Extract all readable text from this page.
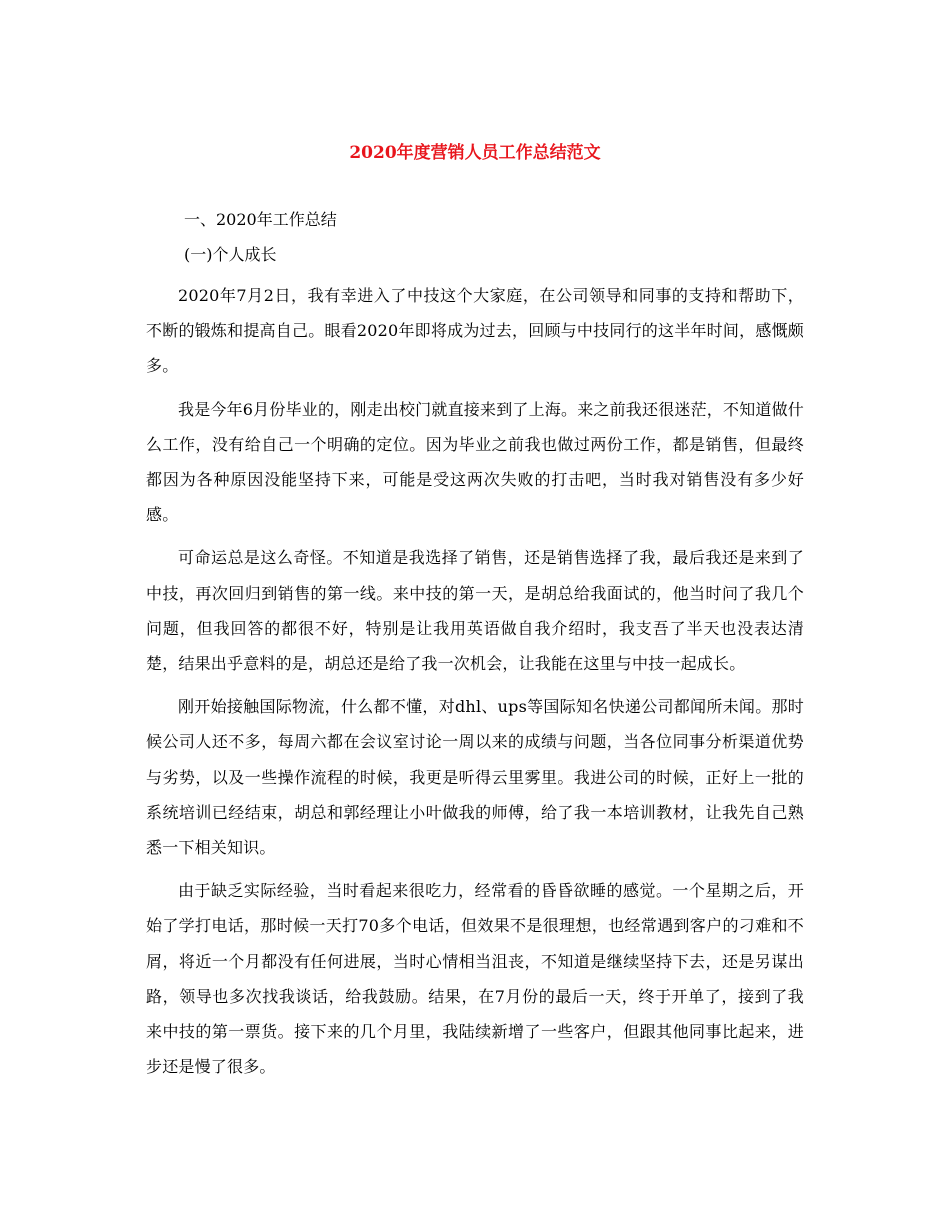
2020年度营销人员工作总结范文

一、2020年工作总结

(一)个人成长

2020年7月2日，我有幸进入了中技这个大家庭，在公司领导和同事的支持和帮助下，不断的锻炼和提高自己。眼看2020年即将成为过去，回顾与中技同行的这半年时间，感慨颇多。

我是今年6月份毕业的，刚走出校门就直接来到了上海。来之前我还很迷茫，不知道做什么工作，没有给自己一个明确的定位。因为毕业之前我也做过两份工作，都是销售，但最终都因为各种原因没能坚持下来，可能是受这两次失败的打击吧，当时我对销售没有多少好感。

可命运总是这么奇怪。不知道是我选择了销售，还是销售选择了我，最后我还是来到了中技，再次回归到销售的第一线。来中技的第一天，是胡总给我面试的，他当时问了我几个问题，但我回答的都很不好，特别是让我用英语做自我介绍时，我支吾了半天也没表达清楚，结果出乎意料的是，胡总还是给了我一次机会，让我能在这里与中技一起成长。

刚开始接触国际物流，什么都不懂，对dhl、ups等国际知名快递公司都闻所未闻。那时候公司人还不多，每周六都在会议室讨论一周以来的成绩与问题，当各位同事分析渠道优势与劣势，以及一些操作流程的时候，我更是听得云里雾里。我进公司的时候，正好上一批的系统培训已经结束，胡总和郭经理让小叶做我的师傅，给了我一本培训教材，让我先自己熟悉一下相关知识。

由于缺乏实际经验，当时看起来很吃力，经常看的昏昏欲睡的感觉。一个星期之后，开始了学打电话，那时候一天打70多个电话，但效果不是很理想，也经常遇到客户的刁难和不屑，将近一个月都没有任何进展，当时心情相当沮丧，不知道是继续坚持下去，还是另谋出路，领导也多次找我谈话，给我鼓励。结果，在7月份的最后一天，终于开单了，接到了我来中技的第一票货。接下来的几个月里，我陆续新增了一些客户，但跟其他同事比起来，进步还是慢了很多。
